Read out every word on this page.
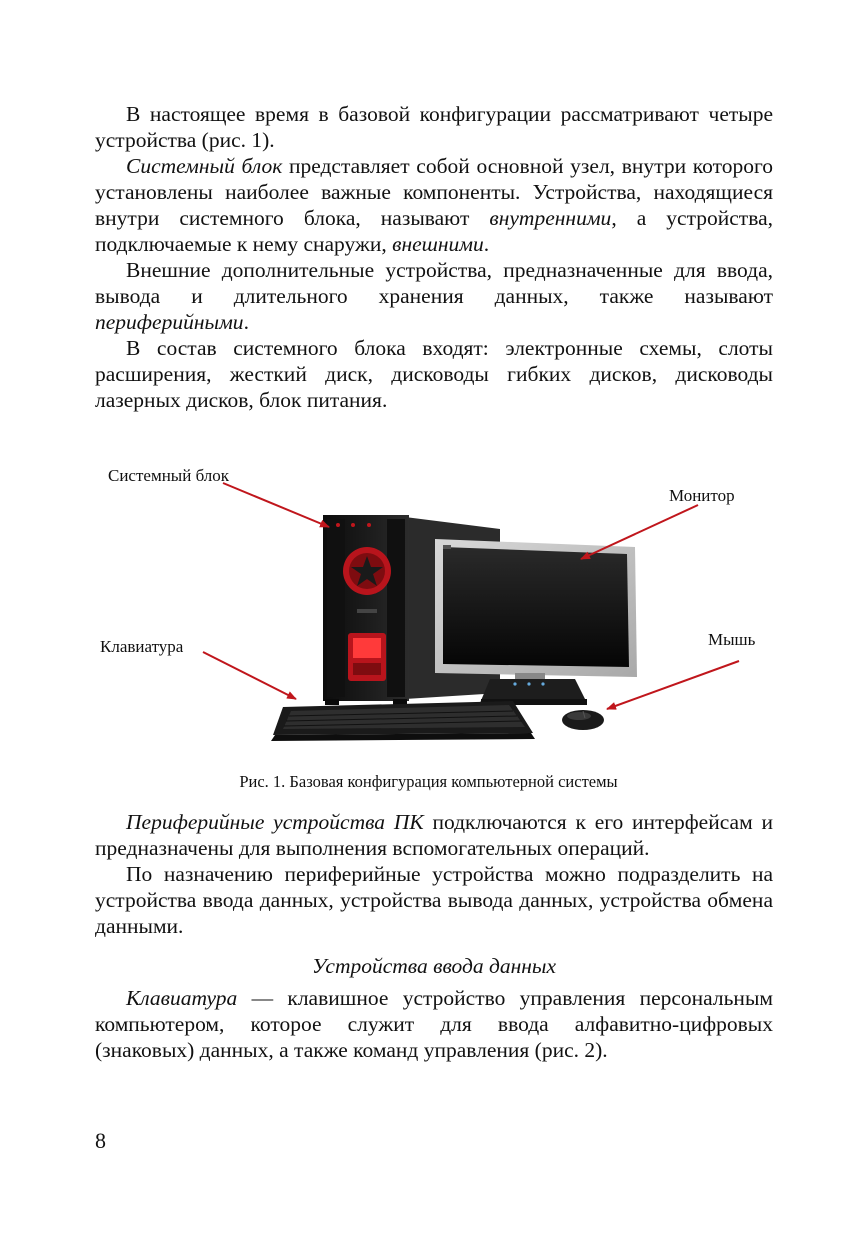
В настоящее время в базовой конфигурации рассматривают четыре устройства (рис. 1).

Системный блок представляет собой основной узел, внутри которого установлены наиболее важные компоненты. Устройства, находящиеся внутри системного блока, называют внутренними, а устройства, подключаемые к нему снаружи, внешними.

Внешние дополнительные устройства, предназначенные для ввода, вывода и длительного хранения данных, также называют периферийными.

В состав системного блока входят: электронные схемы, слоты расширения, жесткий диск, дисководы гибких дисков, дисководы лазерных дисков, блок питания.

Системный блок
Монитор
Клавиатура	Мышь
Рис. 1. Базовая конфигурация компьютерной системы

Периферийные устройства ПК подключаются к его интерфейсам и предназначены для выполнения вспомогательных операций.

По назначению периферийные устройства можно подразделить на устройства ввода данных, устройства вывода данных, устройства обмена данными.

Устройства ввода данных

Клавиатура — клавишное устройство управления персональным компьютером, которое служит для ввода алфавитно-цифровых (знаковых) данных, а также команд управления (рис. 2).

8
